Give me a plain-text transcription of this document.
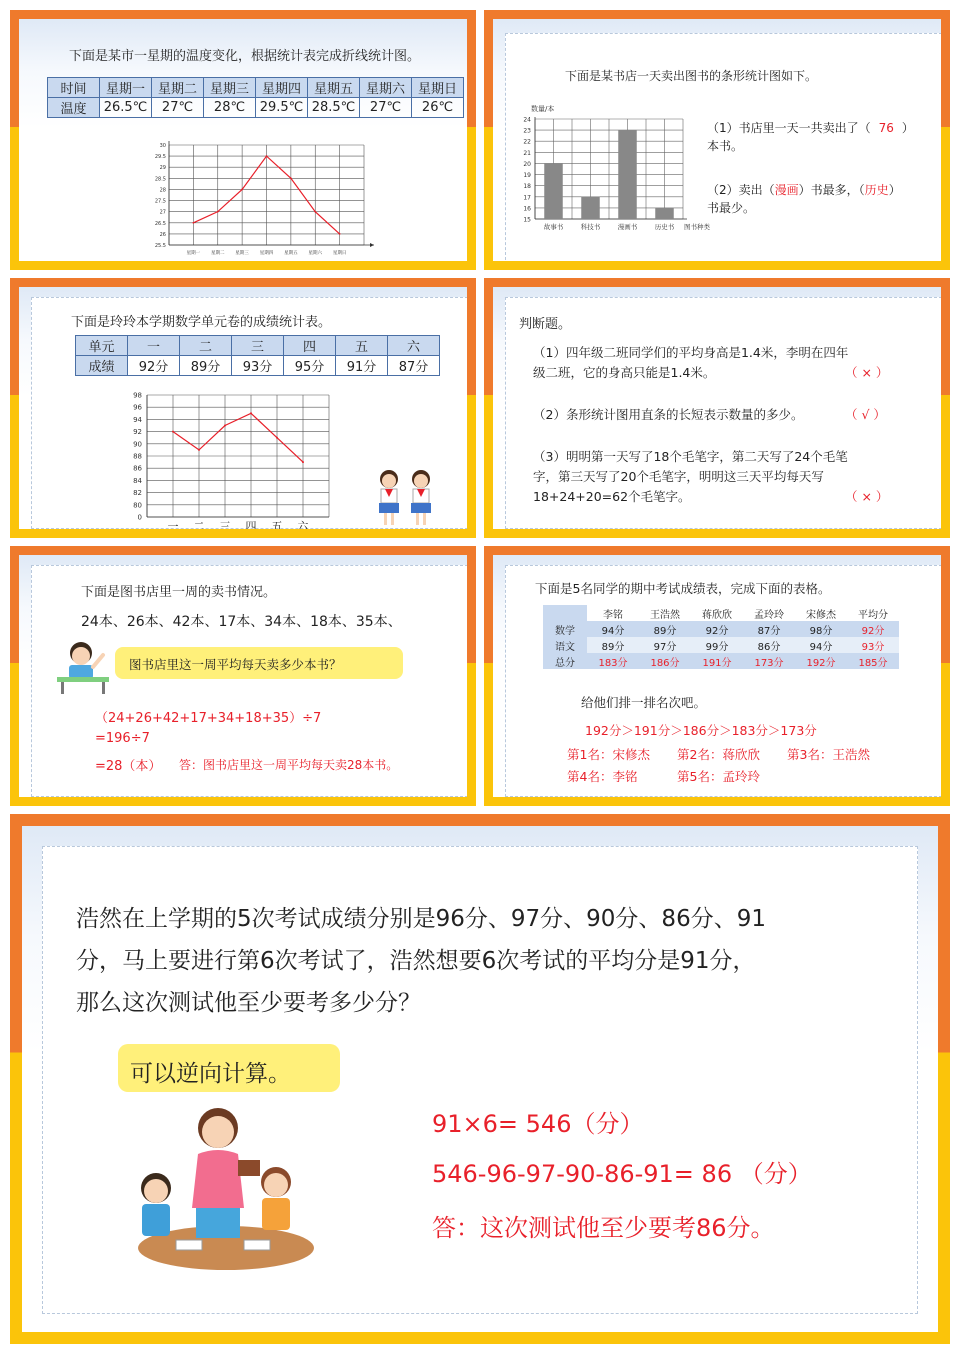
下面是某市一星期的温度变化，根据统计表完成折线统计图。
时间	星期一	星期二	星期三	星期四	星期五	星期六	星期日
温度	26.5℃	27℃	28℃	29.5℃	28.5℃	27℃	26℃
25.5
26
26.5
27
27.5
28
28.5
29
29.5
30
星期一 星期二 星期三 星期四 星期五 星期六 星期日
下面是某书店一天卖出图书的条形统计图如下。
数量/本
15
16
17
18
19
20
21
22
23
24
故事书	科技书	漫画书	历史书 图书种类
（1）书店里一天一共卖出了（ 76 ）
本书。
（2）卖出（漫画）书最多，（历史）
书最少。
下面是玲玲本学期数学单元卷的成绩统计表。
单元	一	二	三	四	五	六
成绩	92分	89分	93分	95分	91分	87分
0
80
82
84
86
88
90
92
94
96
98
一 二 三 四 五 六
判断题。
（1）四年级二班同学们的平均身高是1.4米，李明在四年
级二班，它的身高只能是1.4米。	（ × ）
（2）条形统计图用直条的长短表示数量的多少。	（ √ ）
（3）明明第一天写了18个毛笔字，第二天写了24个毛笔
字，第三天写了20个毛笔字，明明这三天平均每天写
18+24+20=62个毛笔字。	（ × ）
下面是图书店里一周的卖书情况。
24本、26本、42本、17本、34本、18本、35本、
图书店里这一周平均每天卖多少本书？
（24+26+42+17+34+18+35）÷7
=196÷7
=28（本） 答：图书店里这一周平均每天卖28本书。
下面是5名同学的期中考试成绩表，完成下面的表格。
	李铭	王浩然	蒋欣欣	孟玲玲	宋修杰	平均分
数学	94分	89分	92分	87分	98分	92分
语文	89分	97分	99分	86分	94分	93分
总分	183分	186分	191分	173分	192分	185分
给他们排一排名次吧。
192分＞191分＞186分＞183分＞173分
第1名：宋修杰 第2名：蒋欣欣 第3名：王浩然
第4名：李铭	第5名：孟玲玲
浩然在上学期的5次考试成绩分别是96分、97分、90分、86分、91
分，马上要进行第6次考试了，浩然想要6次考试的平均分是91分，
那么这次测试他至少要考多少分？
可以逆向计算。
91×6= 546（分）
546-96-97-90-86-91= 86 （分）
答：这次测试他至少要考86分。
